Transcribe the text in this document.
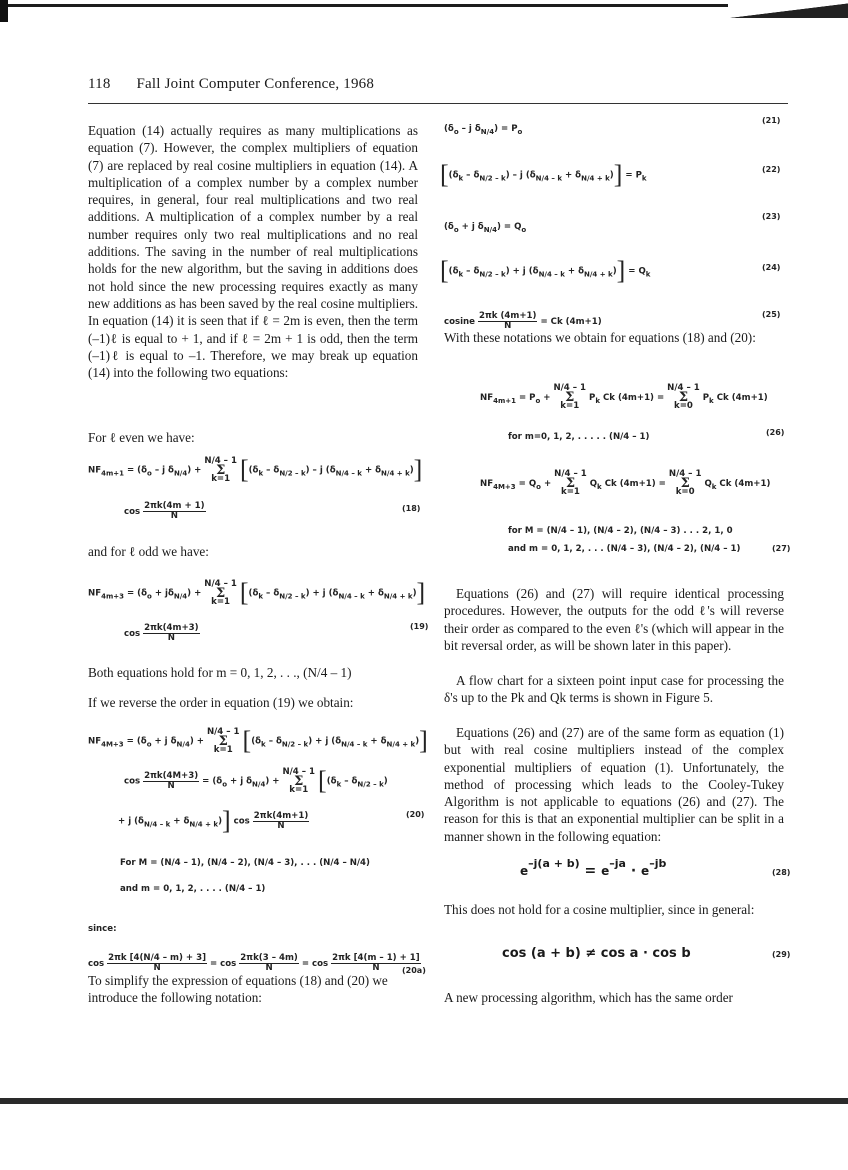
118 Fall Joint Computer Conference, 1968
Equation (14) actually requires as many multiplications as equation (7). However, the complex multipliers of equation (7) are replaced by real cosine multipliers in equation (14). A multiplication of a complex number by a complex number requires, in general, four real multiplications and two real additions. A multiplication of a complex number by a real number requires only two real multiplications and no real additions. The saving in the number of real multiplications holds for the new algorithm, but the saving in additions does not hold since the new processing requires exactly as many new additions as has been saved by the real cosine multipliers. In equation (14) it is seen that if ℓ = 2m is even, then the term (–1)ℓ is equal to + 1, and if ℓ = 2m + 1 is odd, then the term (–1)ℓ is equal to –1. Therefore, we may break up equation (14) into the following two equations:
For ℓ even we have:
$NF_{4m+1} = (\delta_o - j$ $\delta_{N/4}$) +
N/4 – 1
Σ
k=1 [$(\delta_k - \delta_{N/2 - k})$ – j $(\delta_{N/4 - k} + \delta_{N/4 + k})$]
$\cos \frac{2\pi k(4m + 1)}{N}$	(18)
and for ℓ odd we have:
$NF_{4m+3} = (\delta_o + j\delta_{N/4})$ +
N/4 – 1
Σ
k=1 [$(\delta_k - \delta_{N/2 - k}) + j$ $(\delta_{N/4 - k} + \delta_{N/4 + k})$]
$\cos \frac{2\pi k(4m+3)}{N}$	(19)
Both equations hold for m = 0, 1, 2, . . ., (N/4 – 1)
If we reverse the order in equation (19) we obtain:
$NF_{4M+3} = (\delta_o + j$ $\delta_{N/4}$) +
N/4 – 1
Σ
k=1 [$(\delta_k - \delta_{N/2 - k}) + j$ $(\delta_{N/4 - k} + \delta_{N/4 + k})$]
$\cos \frac{2\pi k(4M+3)}{N} = (\delta_o + j$ $\delta_{N/4}$) +
N/4 – 1
Σ
k=1 [$(\delta_k - \delta_{N/2 - k})$
+ j $(\delta_{N/4 - k} + \delta_{N/4 + k})$] $\cos \frac{2\pi k(4m+1)}{N}$	(20)
For M = (N/4 – 1), (N/4 – 2), (N/4 – 3), . . . (N/4 – N/4)
and m = 0, 1, 2, . . . . (N/4 – 1)
since:
$\cos \frac{2\pi k [4(N/4 - m) + 3]}{N} = \cos \frac{2\pi k(3 - 4m)}{N} = \cos \frac{2\pi k [4(m - 1) + 1]}{N}$
(20a)
To simplify the expression of equations (18) and (20) we introduce the following notation:
($\delta_o$ – j $\delta_{N/4}) = P_o$
(21)
[$(\delta_k - \delta_{N/2 - k})$ – j $(\delta_{N/4 - k} + \delta_{N/4 + k})] = P_k$
(22)
($\delta_o + j$ $\delta_{N/4}) = Q_o$
(23)
[$(\delta_k - \delta_{N/2 - k}) + j$ $(\delta_{N/4 - k} + \delta_{N/4 + k})] = Q_k$
(24)
cosine $\frac{2\pi k (4m+1)}{N} = Ck$ (4m+1)
(25)
With these notations we obtain for equations (18) and (20):
$NF_{4m+1} = P_o$ +
N/4 – 1
Σ
k=1
$P_k$ Ck (4m+1) =
N/4 – 1
Σ
k=0
$P_k$ Ck (4m+1)
for m=0, 1, 2, . . . . . (N/4 – 1)	(26)
$NF_{4M+3} = Q_o$ +
N/4 – 1
Σ
k=1
$Q_k$ Ck (4m+1) =
N/4 – 1
Σ
k=0
$Q_k$ Ck (4m+1)
for M = (N/4 – 1), (N/4 – 2), (N/4 – 3) . . . 2, 1, 0
and m = 0, 1, 2, . . . (N/4 – 3), (N/4 – 2), (N/4 – 1)	(27)
Equations (26) and (27) will require identical processing procedures. However, the outputs for the odd ℓ's will reverse their order as compared to the even ℓ's (which will appear in the bit reversal order, as will be shown later in this paper).
A flow chart for a sixteen point input case for processing the δ's up to the Pk and Qk terms is shown in Figure 5.
Equations (26) and (27) are of the same form as equation (1) but with real cosine multipliers instead of the complex exponential multipliers of equation (1). Unfortunately, the method of processing which leads to the Cooley-Tukey Algorithm is not applicable to equations (26) and (27). The reason for this is that an exponential multiplier can be split in a manner shown in the following equation:
$e^{-j(a + b)} = e^{-ja} \cdot e^{-jb}$
(28)
This does not hold for a cosine multiplier, since in general:
cos (a + b) ≠ cos a · cos b	(29)
A new processing algorithm, which has the same order
